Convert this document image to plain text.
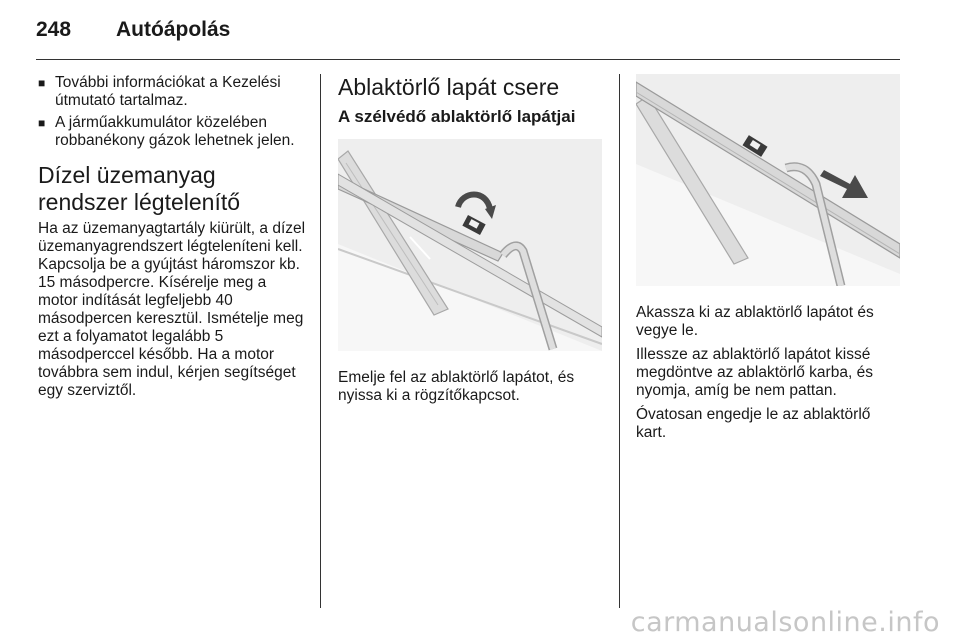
248 Autóápolás
■ További információkat a Kezelési útmutató tartalmaz.
■ A járműakkumulátor közelében robbanékony gázok lehetnek jelen.
Dízel üzemanyag rendszer légtelenítő

Ha az üzemanyagtartály kiürült, a dízel üzemanyagrendszert légteleníteni kell. Kapcsolja be a gyújtást háromszor kb. 15 másodpercre. Kísérelje meg a motor indítását legfeljebb 40 másodpercen keresztül. Ismételje meg ezt a folyamatot legalább 5 másodperccel később. Ha a motor továbbra sem indul, kérjen segítséget egy szerviztől.

Ablaktörlő lapát csere
A szélvédő ablaktörlő lapátjai

Emelje fel az ablaktörlő lapátot, és nyissa ki a rögzítőkapcsot.

Akassza ki az ablaktörlő lapátot és vegye le.

Illessze az ablaktörlő lapátot kissé megdöntve az ablaktörlő karba, és nyomja, amíg be nem pattan.

Óvatosan engedje le az ablaktörlő kart.

carmanualsonline.info
